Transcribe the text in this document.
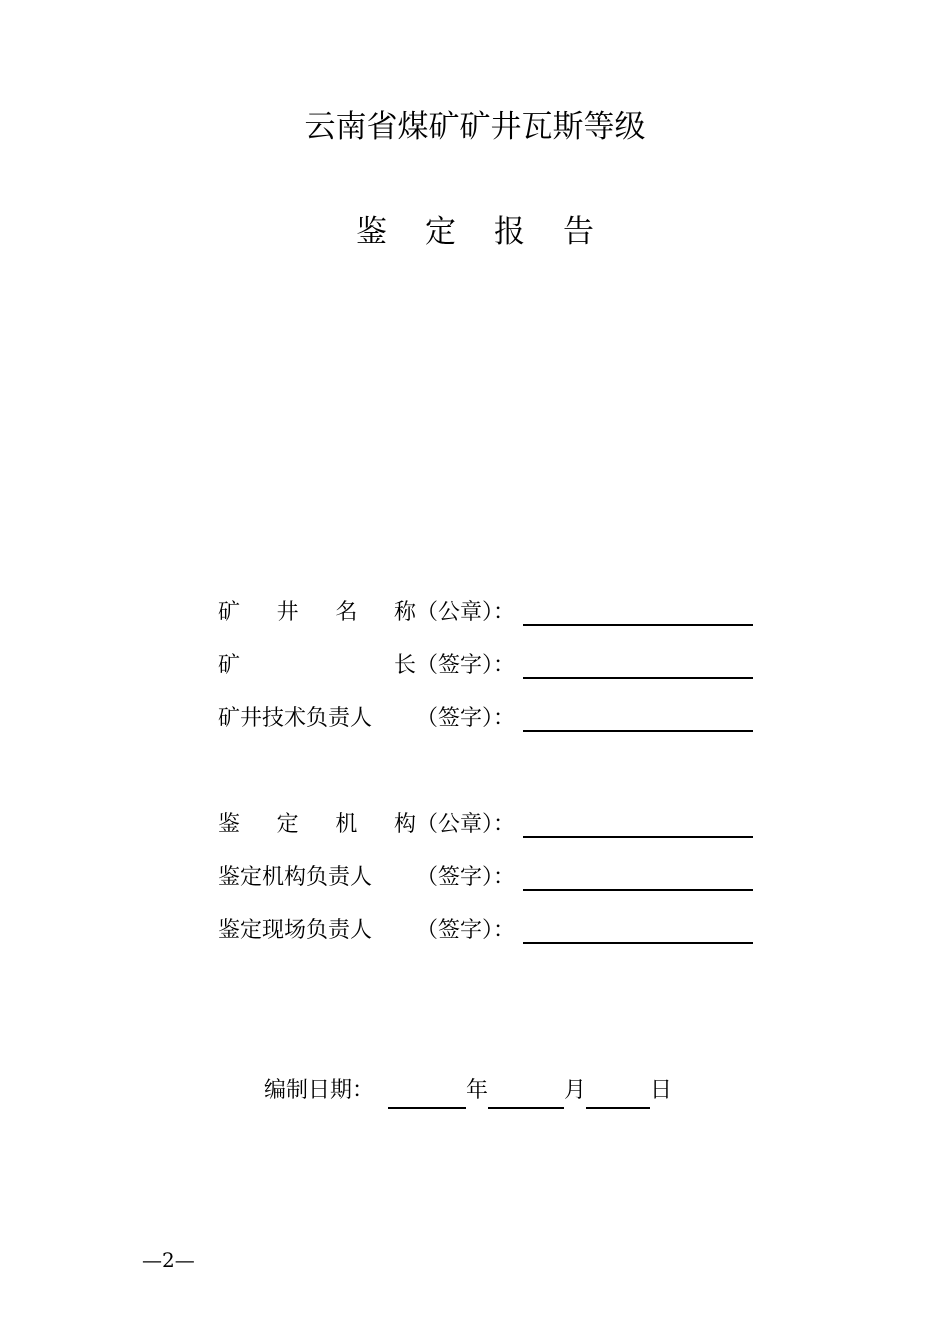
云南省煤矿矿井瓦斯等级
鉴 定 报 告
矿 井 名 称 （公章）：
矿	长 （签字）：
矿井技术负责人 （签字）：
鉴 定 机 构 （公章）：
鉴定机构负责人 （签字）：
鉴定现场负责人 （签字）：
编制日期：	年	月	日
—2—
